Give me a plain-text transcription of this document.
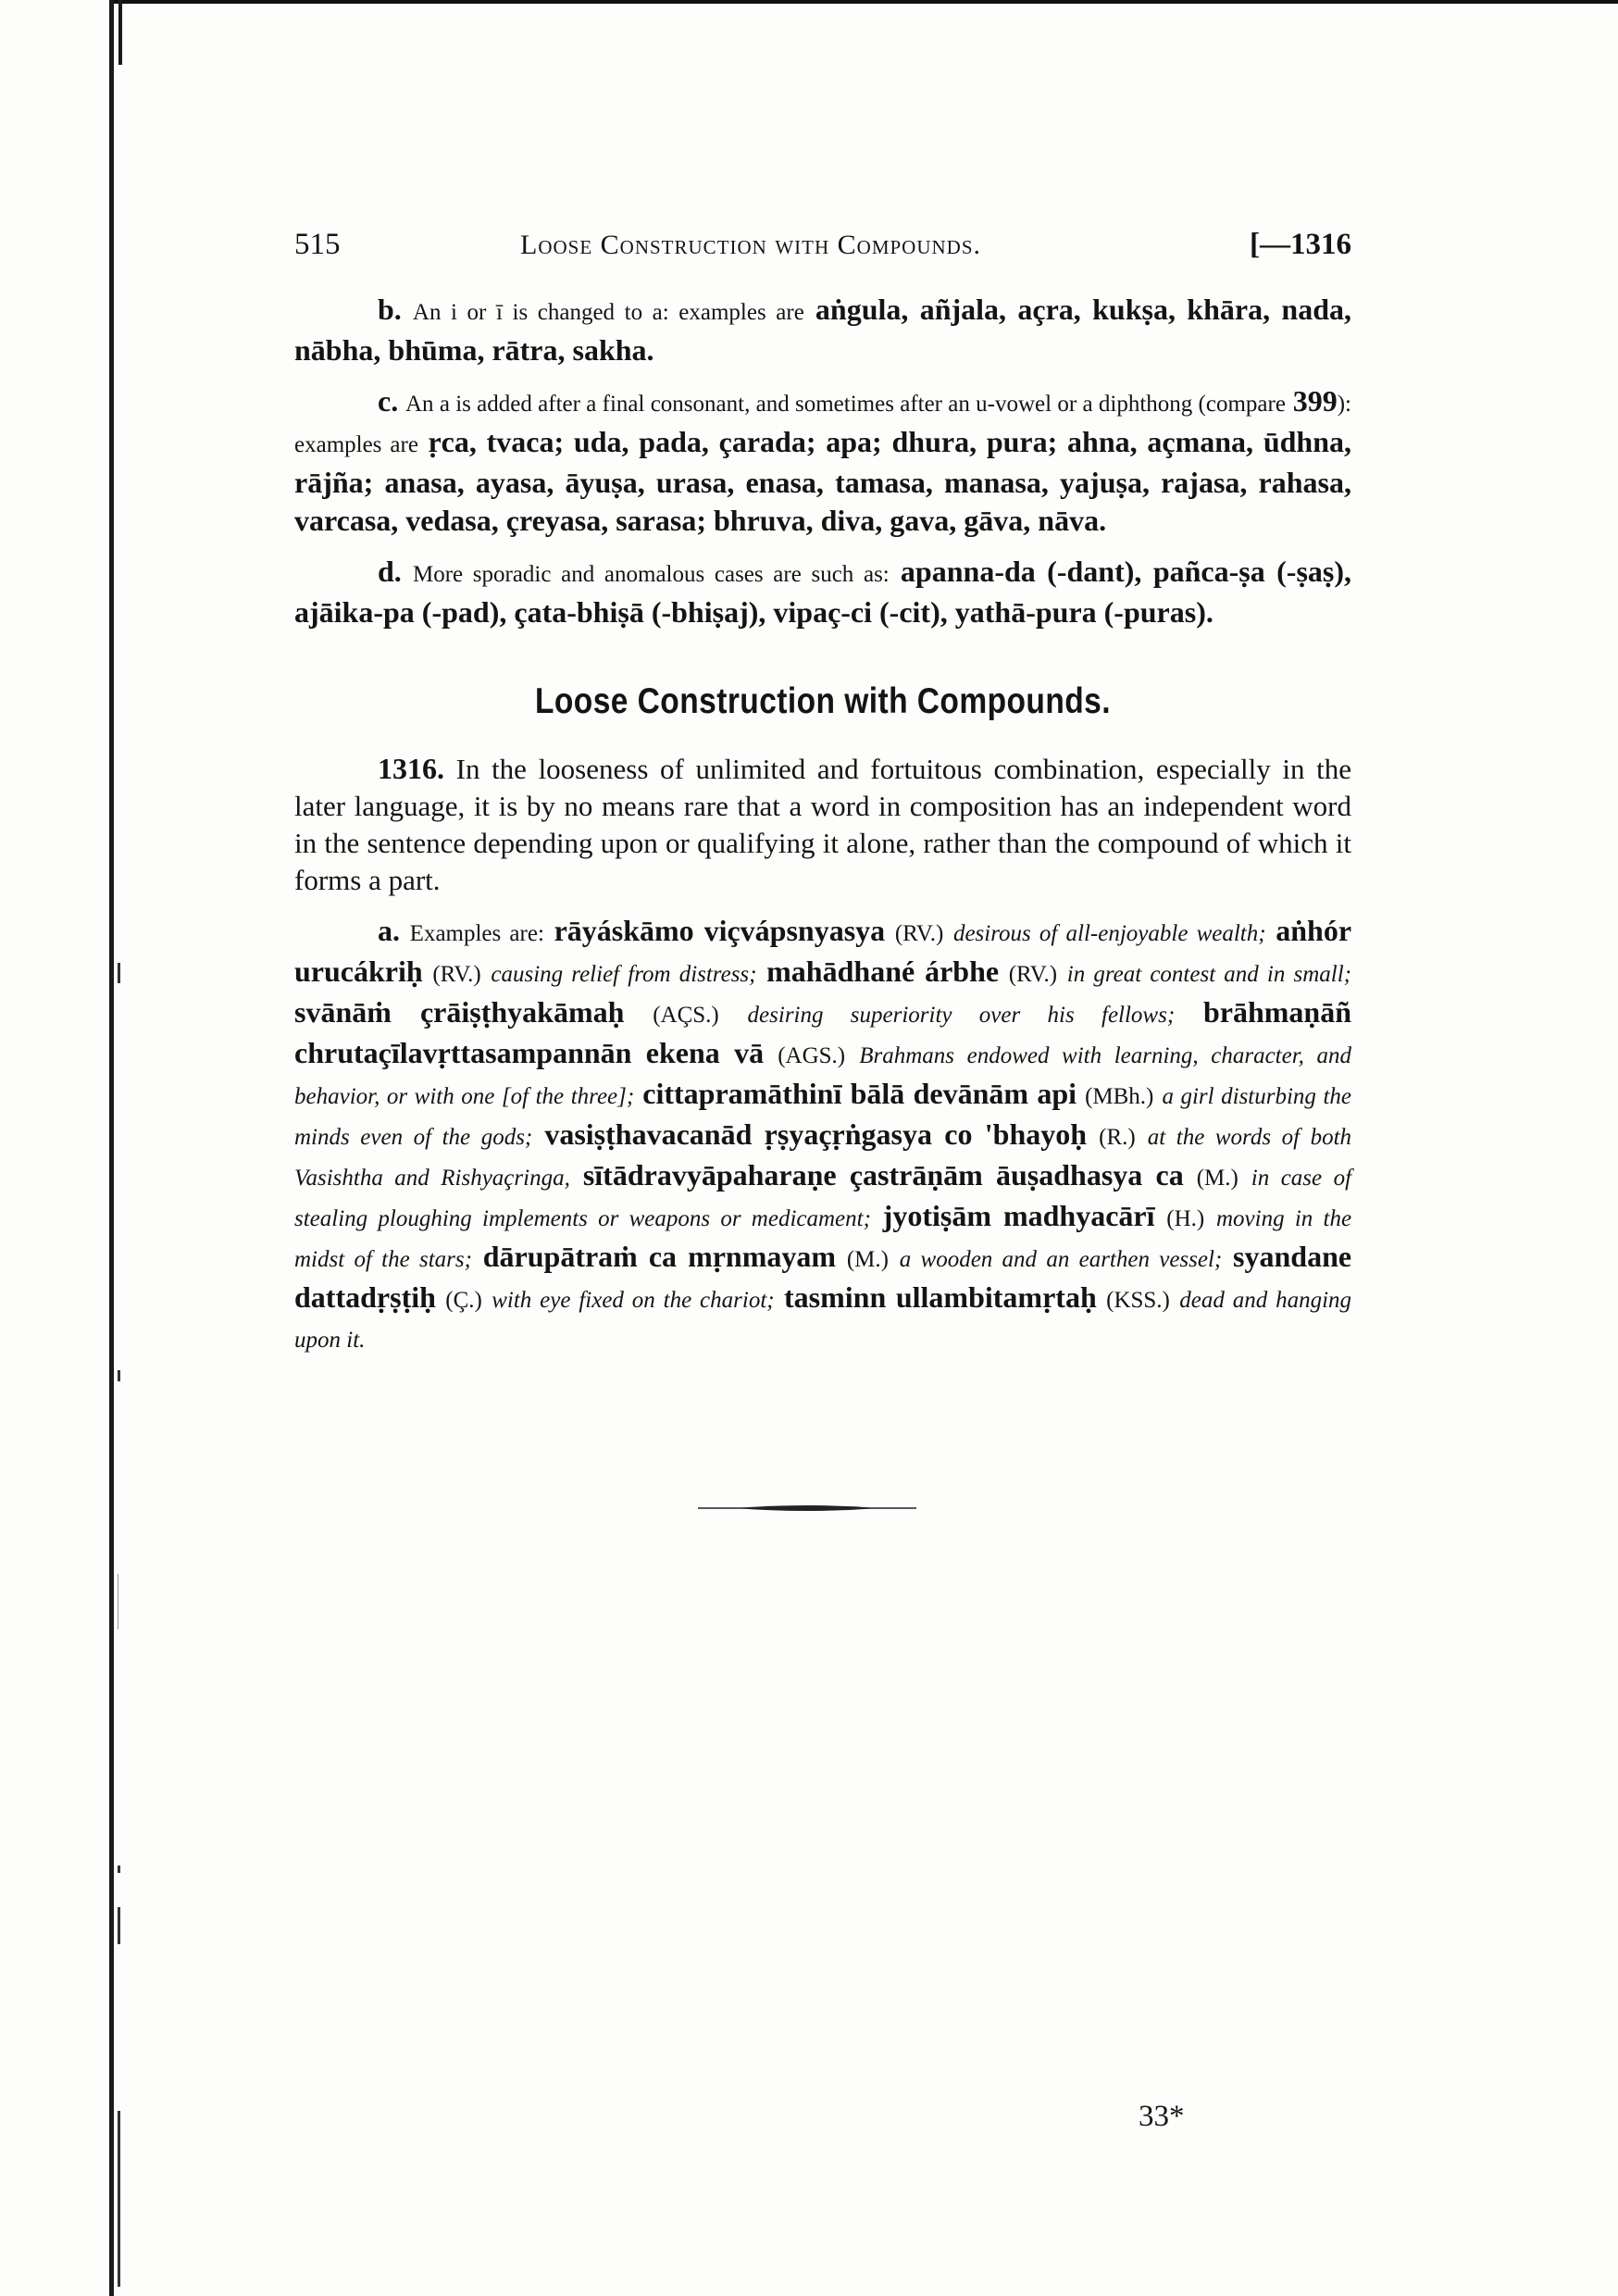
515	Loose Construction with Compounds.	[—1316

b. An i or ī is changed to a: examples are aṅgula, añjala, açra, kukṣa, khāra, nada, nābha, bhūma, rātra, sakha.

c. An a is added after a final consonant, and sometimes after an u-vowel or a diphthong (compare 399): examples are ṛca, tvaca; uda, pada, çarada; apa; dhura, pura; ahna, açmana, ūdhna, rājña; anasa, ayasa, āyuṣa, urasa, enasa, tamasa, manasa, yajuṣa, rajasa, rahasa, varcasa, vedasa, çreyasa, sarasa; bhruva, diva, gava, gāva, nāva.

d. More sporadic and anomalous cases are such as: apanna-da (-dant), pañca-ṣa (-ṣaṣ), ajāika-pa (-pad), çata-bhiṣā (-bhiṣaj), vipaç-ci (-cit), yathā-pura (-puras).

Loose Construction with Compounds.

1316. In the looseness of unlimited and fortuitous combination, especially in the later language, it is by no means rare that a word in composition has an independent word in the sentence depending upon or qualifying it alone, rather than the compound of which it forms a part.

a. Examples are: rāyáskāmo viçvápsnyasya (RV.) desirous of all-enjoyable wealth; aṅhór urucákriḥ (RV.) causing relief from distress; mahādhané árbhe (RV.) in great contest and in small; svānāṁ çrāiṣṭhyakāmaḥ (AÇS.) desiring superiority over his fellows; brāhmaṇāñ chrutaçīlavṛttasampannān ekena vā (AGS.) Brahmans endowed with learning, character, and behavior, or with one [of the three]; cittapramāthinī bālā devānām api (MBh.) a girl disturbing the minds even of the gods; vasiṣṭhavacanād ṛṣyaçṛṅgasya co 'bhayoḥ (R.) at the words of both Vasishtha and Rishyaçringa, sītādravyāpaharaṇe çastrāṇām āuṣadhasya ca (M.) in case of stealing ploughing implements or weapons or medicament; jyotiṣām madhyacārī (H.) moving in the midst of the stars; dārupātraṁ ca mṛnmayam (M.) a wooden and an earthen vessel; syandane dattadṛṣṭiḥ (Ç.) with eye fixed on the chariot; tasminn ullambitamṛtaḥ (KSS.) dead and hanging upon it.

33*
